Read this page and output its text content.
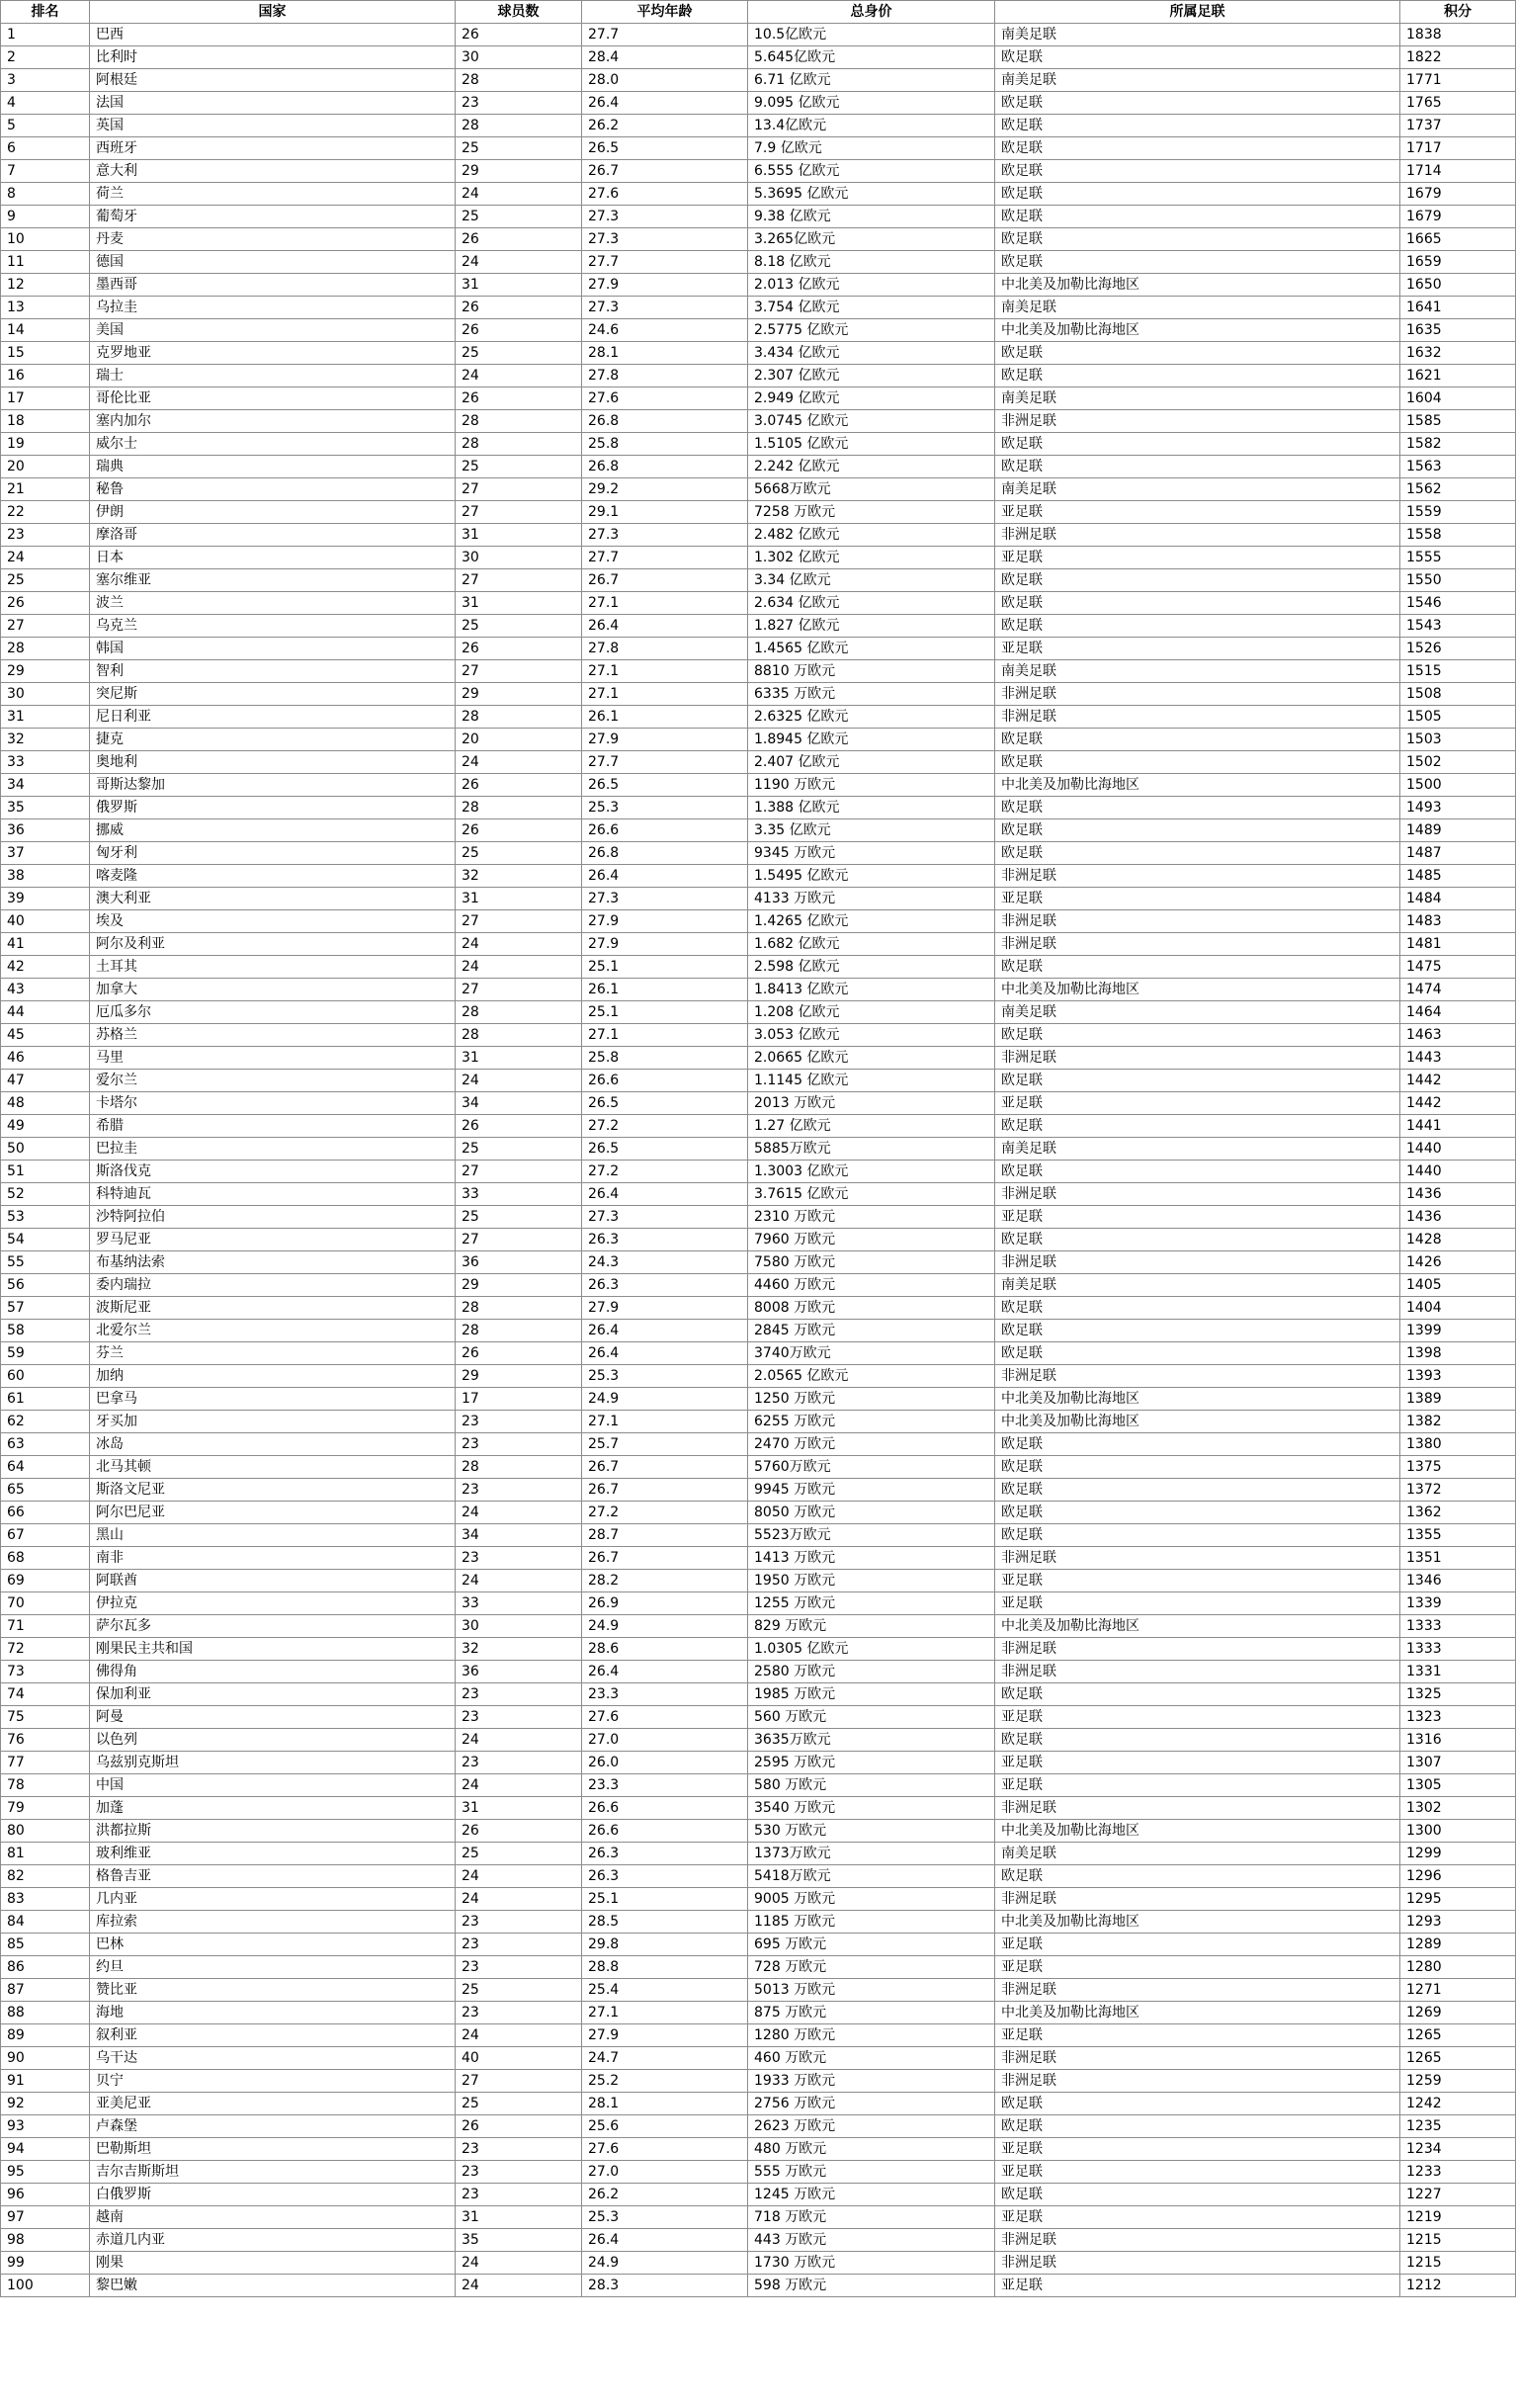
排名	国家	球员数	平均年龄	总身价	所属足联	积分
1	巴西	26	27.7	10.5亿欧元	南美足联	1838
2	比利时	30	28.4	5.645亿欧元	欧足联	1822
3	阿根廷	28	28.0	6.71 亿欧元	南美足联	1771
4	法国	23	26.4	9.095 亿欧元	欧足联	1765
5	英国	28	26.2	13.4亿欧元	欧足联	1737
6	西班牙	25	26.5	7.9 亿欧元	欧足联	1717
7	意大利	29	26.7	6.555 亿欧元	欧足联	1714
8	荷兰	24	27.6	5.3695 亿欧元	欧足联	1679
9	葡萄牙	25	27.3	9.38 亿欧元	欧足联	1679
10	丹麦	26	27.3	3.265亿欧元	欧足联	1665
11	德国	24	27.7	8.18 亿欧元	欧足联	1659
12	墨西哥	31	27.9	2.013 亿欧元	中北美及加勒比海地区	1650
13	乌拉圭	26	27.3	3.754 亿欧元	南美足联	1641
14	美国	26	24.6	2.5775 亿欧元	中北美及加勒比海地区	1635
15	克罗地亚	25	28.1	3.434 亿欧元	欧足联	1632
16	瑞士	24	27.8	2.307 亿欧元	欧足联	1621
17	哥伦比亚	26	27.6	2.949 亿欧元	南美足联	1604
18	塞内加尔	28	26.8	3.0745 亿欧元	非洲足联	1585
19	威尔士	28	25.8	1.5105 亿欧元	欧足联	1582
20	瑞典	25	26.8	2.242 亿欧元	欧足联	1563
21	秘鲁	27	29.2	5668万欧元	南美足联	1562
22	伊朗	27	29.1	7258 万欧元	亚足联	1559
23	摩洛哥	31	27.3	2.482 亿欧元	非洲足联	1558
24	日本	30	27.7	1.302 亿欧元	亚足联	1555
25	塞尔维亚	27	26.7	3.34 亿欧元	欧足联	1550
26	波兰	31	27.1	2.634 亿欧元	欧足联	1546
27	乌克兰	25	26.4	1.827 亿欧元	欧足联	1543
28	韩国	26	27.8	1.4565 亿欧元	亚足联	1526
29	智利	27	27.1	8810 万欧元	南美足联	1515
30	突尼斯	29	27.1	6335 万欧元	非洲足联	1508
31	尼日利亚	28	26.1	2.6325 亿欧元	非洲足联	1505
32	捷克	20	27.9	1.8945 亿欧元	欧足联	1503
33	奥地利	24	27.7	2.407 亿欧元	欧足联	1502
34	哥斯达黎加	26	26.5	1190 万欧元	中北美及加勒比海地区	1500
35	俄罗斯	28	25.3	1.388 亿欧元	欧足联	1493
36	挪威	26	26.6	3.35 亿欧元	欧足联	1489
37	匈牙利	25	26.8	9345 万欧元	欧足联	1487
38	喀麦隆	32	26.4	1.5495 亿欧元	非洲足联	1485
39	澳大利亚	31	27.3	4133 万欧元	亚足联	1484
40	埃及	27	27.9	1.4265 亿欧元	非洲足联	1483
41	阿尔及利亚	24	27.9	1.682 亿欧元	非洲足联	1481
42	土耳其	24	25.1	2.598 亿欧元	欧足联	1475
43	加拿大	27	26.1	1.8413 亿欧元	中北美及加勒比海地区	1474
44	厄瓜多尔	28	25.1	1.208 亿欧元	南美足联	1464
45	苏格兰	28	27.1	3.053 亿欧元	欧足联	1463
46	马里	31	25.8	2.0665 亿欧元	非洲足联	1443
47	爱尔兰	24	26.6	1.1145 亿欧元	欧足联	1442
48	卡塔尔	34	26.5	2013 万欧元	亚足联	1442
49	希腊	26	27.2	1.27 亿欧元	欧足联	1441
50	巴拉圭	25	26.5	5885万欧元	南美足联	1440
51	斯洛伐克	27	27.2	1.3003 亿欧元	欧足联	1440
52	科特迪瓦	33	26.4	3.7615 亿欧元	非洲足联	1436
53	沙特阿拉伯	25	27.3	2310 万欧元	亚足联	1436
54	罗马尼亚	27	26.3	7960 万欧元	欧足联	1428
55	布基纳法索	36	24.3	7580 万欧元	非洲足联	1426
56	委内瑞拉	29	26.3	4460 万欧元	南美足联	1405
57	波斯尼亚	28	27.9	8008 万欧元	欧足联	1404
58	北爱尔兰	28	26.4	2845 万欧元	欧足联	1399
59	芬兰	26	26.4	3740万欧元	欧足联	1398
60	加纳	29	25.3	2.0565 亿欧元	非洲足联	1393
61	巴拿马	17	24.9	1250 万欧元	中北美及加勒比海地区	1389
62	牙买加	23	27.1	6255 万欧元	中北美及加勒比海地区	1382
63	冰岛	23	25.7	2470 万欧元	欧足联	1380
64	北马其顿	28	26.7	5760万欧元	欧足联	1375
65	斯洛文尼亚	23	26.7	9945 万欧元	欧足联	1372
66	阿尔巴尼亚	24	27.2	8050 万欧元	欧足联	1362
67	黑山	34	28.7	5523万欧元	欧足联	1355
68	南非	23	26.7	1413 万欧元	非洲足联	1351
69	阿联酋	24	28.2	1950 万欧元	亚足联	1346
70	伊拉克	33	26.9	1255 万欧元	亚足联	1339
71	萨尔瓦多	30	24.9	829 万欧元	中北美及加勒比海地区	1333
72	刚果民主共和国	32	28.6	1.0305 亿欧元	非洲足联	1333
73	佛得角	36	26.4	2580 万欧元	非洲足联	1331
74	保加利亚	23	23.3	1985 万欧元	欧足联	1325
75	阿曼	23	27.6	560 万欧元	亚足联	1323
76	以色列	24	27.0	3635万欧元	欧足联	1316
77	乌兹别克斯坦	23	26.0	2595 万欧元	亚足联	1307
78	中国	24	23.3	580 万欧元	亚足联	1305
79	加蓬	31	26.6	3540 万欧元	非洲足联	1302
80	洪都拉斯	26	26.6	530 万欧元	中北美及加勒比海地区	1300
81	玻利维亚	25	26.3	1373万欧元	南美足联	1299
82	格鲁吉亚	24	26.3	5418万欧元	欧足联	1296
83	几内亚	24	25.1	9005 万欧元	非洲足联	1295
84	库拉索	23	28.5	1185 万欧元	中北美及加勒比海地区	1293
85	巴林	23	29.8	695 万欧元	亚足联	1289
86	约旦	23	28.8	728 万欧元	亚足联	1280
87	赞比亚	25	25.4	5013 万欧元	非洲足联	1271
88	海地	23	27.1	875 万欧元	中北美及加勒比海地区	1269
89	叙利亚	24	27.9	1280 万欧元	亚足联	1265
90	乌干达	40	24.7	460 万欧元	非洲足联	1265
91	贝宁	27	25.2	1933 万欧元	非洲足联	1259
92	亚美尼亚	25	28.1	2756 万欧元	欧足联	1242
93	卢森堡	26	25.6	2623 万欧元	欧足联	1235
94	巴勒斯坦	23	27.6	480 万欧元	亚足联	1234
95	吉尔吉斯斯坦	23	27.0	555 万欧元	亚足联	1233
96	白俄罗斯	23	26.2	1245 万欧元	欧足联	1227
97	越南	31	25.3	718 万欧元	亚足联	1219
98	赤道几内亚	35	26.4	443 万欧元	非洲足联	1215
99	刚果	24	24.9	1730 万欧元	非洲足联	1215
100	黎巴嫩	24	28.3	598 万欧元	亚足联	1212
